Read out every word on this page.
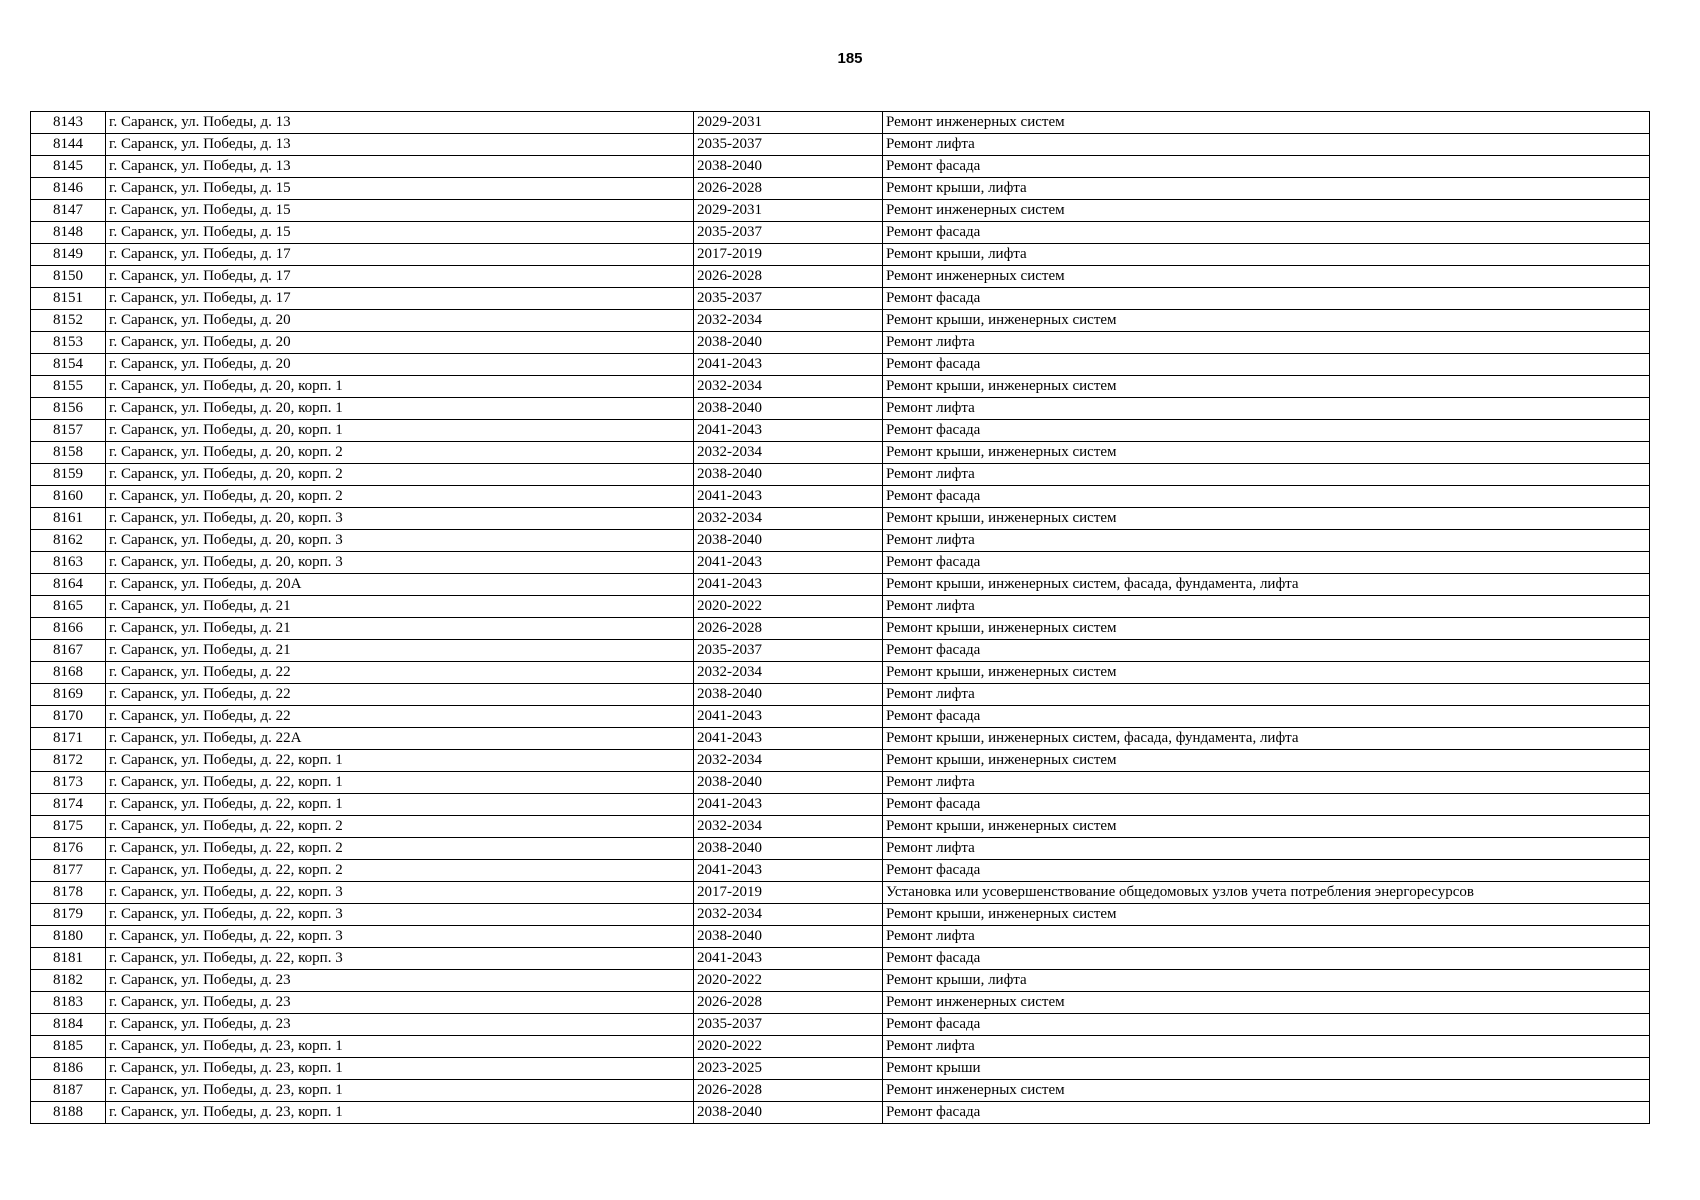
185
8143	г. Саранск, ул. Победы, д. 13	2029-2031	Ремонт инженерных систем
8144	г. Саранск, ул. Победы, д. 13	2035-2037	Ремонт лифта
8145	г. Саранск, ул. Победы, д. 13	2038-2040	Ремонт фасада
8146	г. Саранск, ул. Победы, д. 15	2026-2028	Ремонт крыши, лифта
8147	г. Саранск, ул. Победы, д. 15	2029-2031	Ремонт инженерных систем
8148	г. Саранск, ул. Победы, д. 15	2035-2037	Ремонт фасада
8149	г. Саранск, ул. Победы, д. 17	2017-2019	Ремонт крыши, лифта
8150	г. Саранск, ул. Победы, д. 17	2026-2028	Ремонт инженерных систем
8151	г. Саранск, ул. Победы, д. 17	2035-2037	Ремонт фасада
8152	г. Саранск, ул. Победы, д. 20	2032-2034	Ремонт крыши, инженерных систем
8153	г. Саранск, ул. Победы, д. 20	2038-2040	Ремонт лифта
8154	г. Саранск, ул. Победы, д. 20	2041-2043	Ремонт фасада
8155	г. Саранск, ул. Победы, д. 20, корп. 1	2032-2034	Ремонт крыши, инженерных систем
8156	г. Саранск, ул. Победы, д. 20, корп. 1	2038-2040	Ремонт лифта
8157	г. Саранск, ул. Победы, д. 20, корп. 1	2041-2043	Ремонт фасада
8158	г. Саранск, ул. Победы, д. 20, корп. 2	2032-2034	Ремонт крыши, инженерных систем
8159	г. Саранск, ул. Победы, д. 20, корп. 2	2038-2040	Ремонт лифта
8160	г. Саранск, ул. Победы, д. 20, корп. 2	2041-2043	Ремонт фасада
8161	г. Саранск, ул. Победы, д. 20, корп. 3	2032-2034	Ремонт крыши, инженерных систем
8162	г. Саранск, ул. Победы, д. 20, корп. 3	2038-2040	Ремонт лифта
8163	г. Саранск, ул. Победы, д. 20, корп. 3	2041-2043	Ремонт фасада
8164	г. Саранск, ул. Победы, д. 20А	2041-2043	Ремонт крыши, инженерных систем, фасада, фундамента, лифта
8165	г. Саранск, ул. Победы, д. 21	2020-2022	Ремонт лифта
8166	г. Саранск, ул. Победы, д. 21	2026-2028	Ремонт крыши, инженерных систем
8167	г. Саранск, ул. Победы, д. 21	2035-2037	Ремонт фасада
8168	г. Саранск, ул. Победы, д. 22	2032-2034	Ремонт крыши, инженерных систем
8169	г. Саранск, ул. Победы, д. 22	2038-2040	Ремонт лифта
8170	г. Саранск, ул. Победы, д. 22	2041-2043	Ремонт фасада
8171	г. Саранск, ул. Победы, д. 22А	2041-2043	Ремонт крыши, инженерных систем, фасада, фундамента, лифта
8172	г. Саранск, ул. Победы, д. 22, корп. 1	2032-2034	Ремонт крыши, инженерных систем
8173	г. Саранск, ул. Победы, д. 22, корп. 1	2038-2040	Ремонт лифта
8174	г. Саранск, ул. Победы, д. 22, корп. 1	2041-2043	Ремонт фасада
8175	г. Саранск, ул. Победы, д. 22, корп. 2	2032-2034	Ремонт крыши, инженерных систем
8176	г. Саранск, ул. Победы, д. 22, корп. 2	2038-2040	Ремонт лифта
8177	г. Саранск, ул. Победы, д. 22, корп. 2	2041-2043	Ремонт фасада
8178	г. Саранск, ул. Победы, д. 22, корп. 3	2017-2019	Установка или усовершенствование общедомовых узлов учета потребления энергоресурсов
8179	г. Саранск, ул. Победы, д. 22, корп. 3	2032-2034	Ремонт крыши, инженерных систем
8180	г. Саранск, ул. Победы, д. 22, корп. 3	2038-2040	Ремонт лифта
8181	г. Саранск, ул. Победы, д. 22, корп. 3	2041-2043	Ремонт фасада
8182	г. Саранск, ул. Победы, д. 23	2020-2022	Ремонт крыши, лифта
8183	г. Саранск, ул. Победы, д. 23	2026-2028	Ремонт инженерных систем
8184	г. Саранск, ул. Победы, д. 23	2035-2037	Ремонт фасада
8185	г. Саранск, ул. Победы, д. 23, корп. 1	2020-2022	Ремонт лифта
8186	г. Саранск, ул. Победы, д. 23, корп. 1	2023-2025	Ремонт крыши
8187	г. Саранск, ул. Победы, д. 23, корп. 1	2026-2028	Ремонт инженерных систем
8188	г. Саранск, ул. Победы, д. 23, корп. 1	2038-2040	Ремонт фасада
